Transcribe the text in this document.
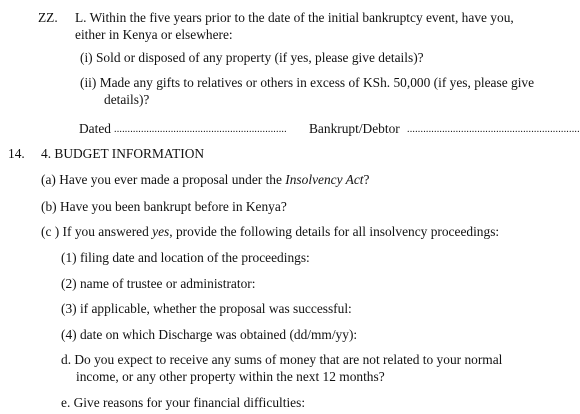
ZZ. L. Within the five years prior to the date of the initial bankruptcy event, have you,
either in Kenya or elsewhere:
(i) Sold or disposed of any property (if yes, please give details)?
(ii) Made any gifts to relatives or others in excess of KSh. 50,000 (if yes, please give
details)?
Dated ................................................................ Bankrupt/Debtor ................................................................
14. 4. BUDGET INFORMATION
(a) Have you ever made a proposal under the Insolvency Act?
(b) Have you been bankrupt before in Kenya?
(c ) If you answered yes, provide the following details for all insolvency proceedings:
(1) filing date and location of the proceedings:
(2) name of trustee or administrator:
(3) if applicable, whether the proposal was successful:
(4) date on which Discharge was obtained (dd/mm/yy):
d. Do you expect to receive any sums of money that are not related to your normal
income, or any other property within the next 12 months?
e. Give reasons for your financial difficulties:
